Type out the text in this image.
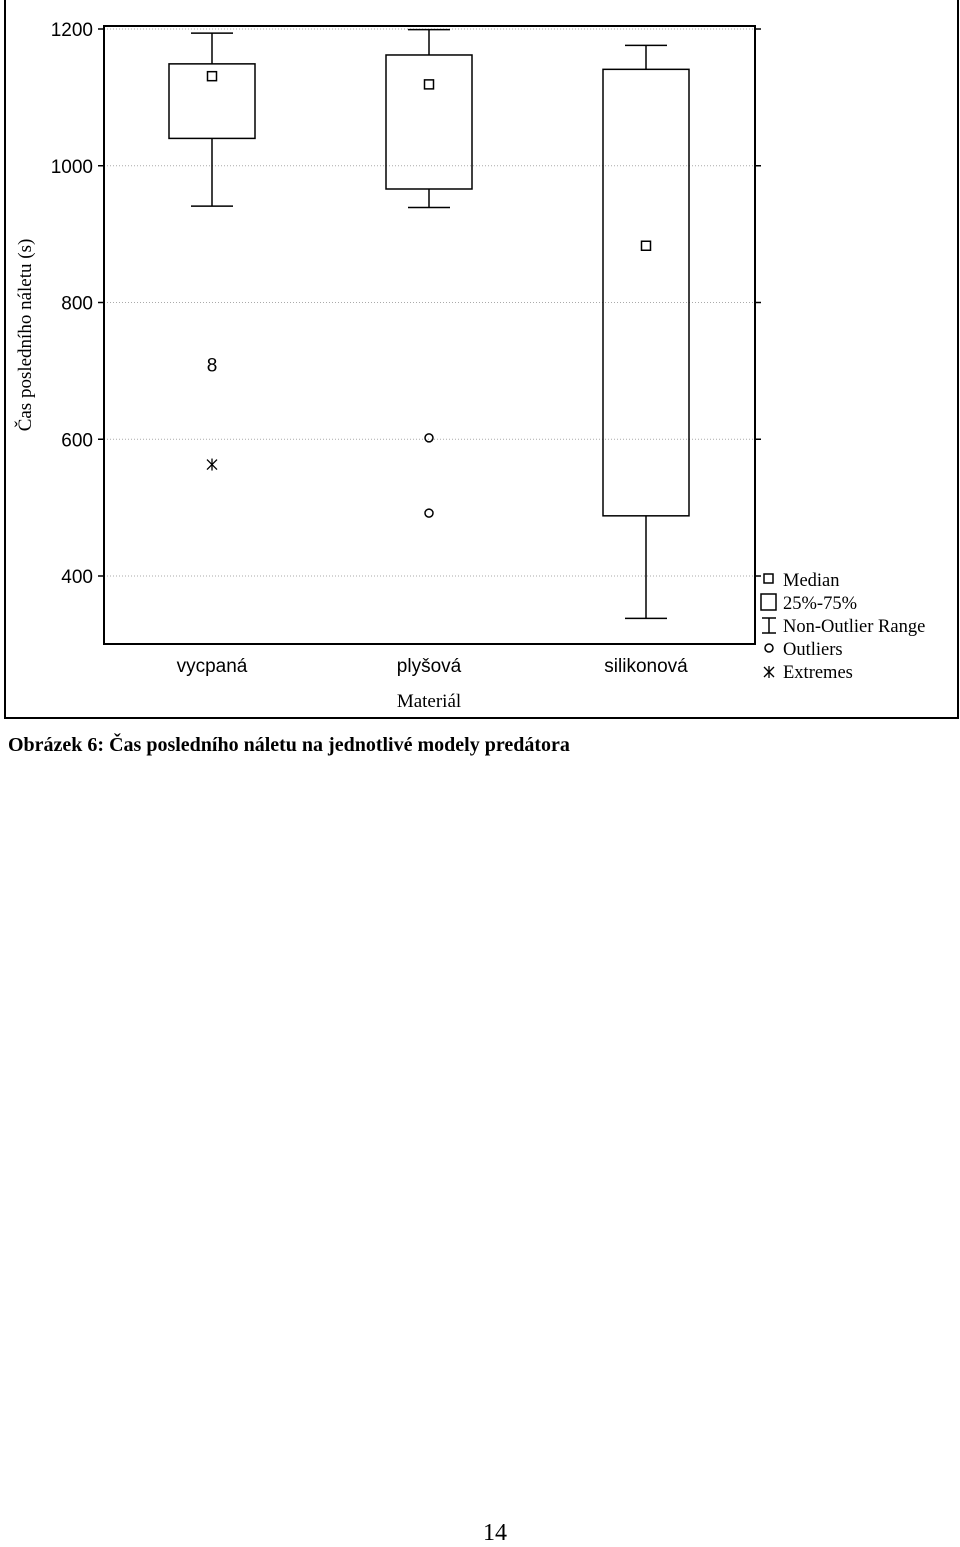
400
600
800
1000
1200
8
vycpaná	plyšová	silikonová
Čas posledního náletu (s)
Materiál
Median
25%-75%
Non-Outlier Range
Outliers
Extremes
Obrázek 6: Čas posledního náletu na jednotlivé modely predátora
14
